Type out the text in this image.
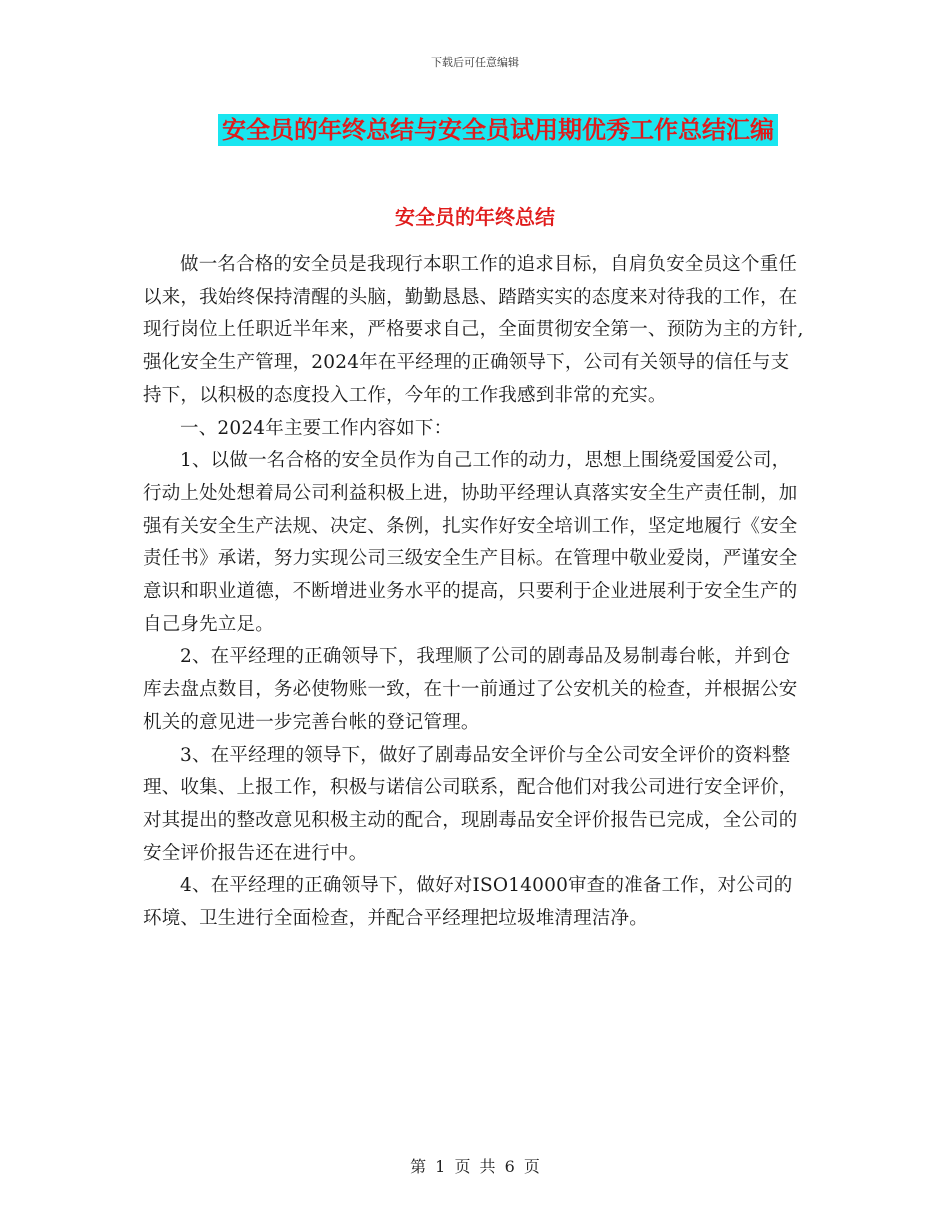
下载后可任意编辑
安全员的年终总结与安全员试用期优秀工作总结汇编
安全员的年终总结

做一名合格的安全员是我现行本职工作的追求目标，自肩负安全员这个重任以来，我始终保持清醒的头脑，勤勤恳恳、踏踏实实的态度来对待我的工作，在现行岗位上任职近半年来，严格要求自己，全面贯彻安全第一、预防为主的方针,强化安全生产管理，2024年在平经理的正确领导下，公司有关领导的信任与支持下，以积极的态度投入工作，今年的工作我感到非常的充实。

一、2024年主要工作内容如下：

1、以做一名合格的安全员作为自己工作的动力，思想上围绕爱国爱公司，行动上处处想着局公司利益积极上进，协助平经理认真落实安全生产责任制，加强有关安全生产法规、决定、条例，扎实作好安全培训工作，坚定地履行《安全责任书》承诺，努力实现公司三级安全生产目标。在管理中敬业爱岗，严谨安全意识和职业道德，不断增进业务水平的提高，只要利于企业进展利于安全生产的自己身先立足。

2、在平经理的正确领导下，我理顺了公司的剧毒品及易制毒台帐，并到仓库去盘点数目，务必使物账一致，在十一前通过了公安机关的检查，并根据公安机关的意见进一步完善台帐的登记管理。

3、在平经理的领导下，做好了剧毒品安全评价与全公司安全评价的资料整理、收集、上报工作，积极与诺信公司联系，配合他们对我公司进行安全评价，对其提出的整改意见积极主动的配合，现剧毒品安全评价报告已完成，全公司的安全评价报告还在进行中。

4、在平经理的正确领导下，做好对ISO14000审查的准备工作，对公司的环境、卫生进行全面检查，并配合平经理把垃圾堆清理洁净。

第 1 页 共 6 页
